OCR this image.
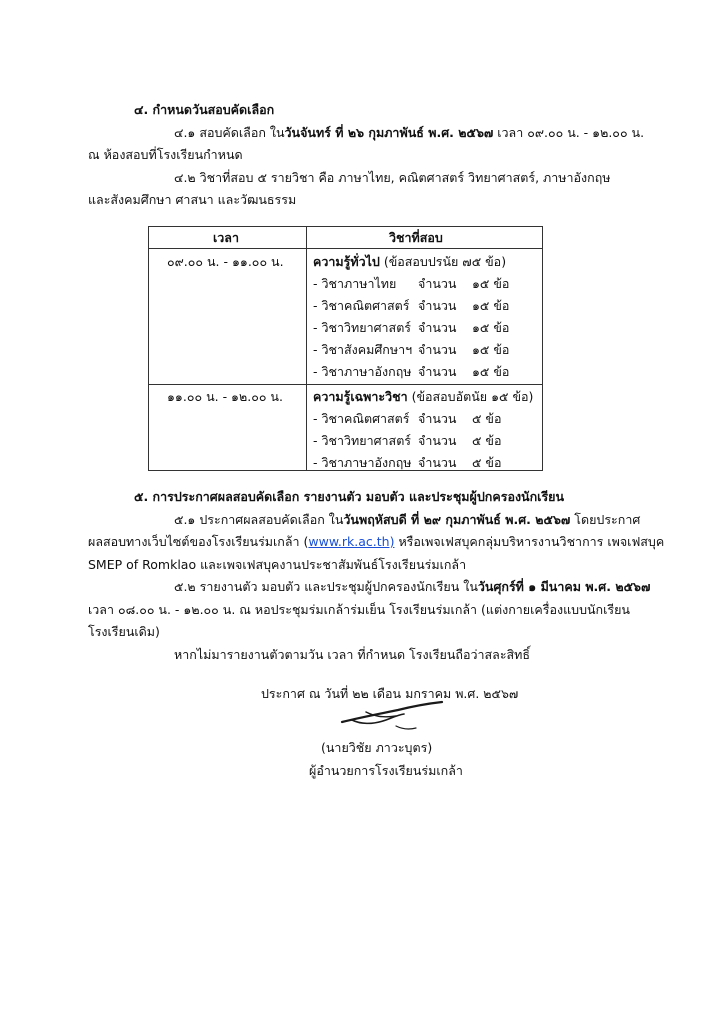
๔. กำหนดวันสอบคัดเลือก
๔.๑ สอบคัดเลือก ในวันจันทร์ ที่ ๒๖ กุมภาพันธ์ พ.ศ. ๒๕๖๗ เวลา ๐๙.๐๐ น. - ๑๒.๐๐ น.
ณ ห้องสอบที่โรงเรียนกำหนด
๔.๒ วิชาที่สอบ ๕ รายวิชา คือ ภาษาไทย, คณิตศาสตร์ วิทยาศาสตร์, ภาษาอังกฤษ
และสังคมศึกษา ศาสนา และวัฒนธรรม
เวลา	วิชาที่สอบ
๐๙.๐๐ น. - ๑๑.๐๐ น. ความรู้ทั่วไป (ข้อสอบปรนัย ๗๕ ข้อ)
- วิชาภาษาไทย จำนวน ๑๕ ข้อ
- วิชาคณิตศาสตร์ จำนวน ๑๕ ข้อ
- วิชาวิทยาศาสตร์ จำนวน ๑๕ ข้อ
- วิชาสังคมศึกษาฯ จำนวน ๑๕ ข้อ
- วิชาภาษาอังกฤษ จำนวน ๑๕ ข้อ
๑๑.๐๐ น. - ๑๒.๐๐ น. ความรู้เฉพาะวิชา (ข้อสอบอัตนัย ๑๕ ข้อ)
- วิชาคณิตศาสตร์ จำนวน ๕ ข้อ
- วิชาวิทยาศาสตร์ จำนวน ๕ ข้อ
- วิชาภาษาอังกฤษ จำนวน ๕ ข้อ
๕. การประกาศผลสอบคัดเลือก รายงานตัว มอบตัว และประชุมผู้ปกครองนักเรียน
๕.๑ ประกาศผลสอบคัดเลือก ในวันพฤหัสบดี ที่ ๒๙ กุมภาพันธ์ พ.ศ. ๒๕๖๗ โดยประกาศ
ผลสอบทางเว็บไซต์ของโรงเรียนร่มเกล้า (www.rk.ac.th) หรือเพจเฟสบุคกลุ่มบริหารงานวิชาการ เพจเฟสบุค
SMEP of Romklao และเพจเฟสบุคงานประชาสัมพันธ์โรงเรียนร่มเกล้า
๕.๒ รายงานตัว มอบตัว และประชุมผู้ปกครองนักเรียน ในวันศุกร์ที่ ๑ มีนาคม พ.ศ. ๒๕๖๗
เวลา ๐๘.๐๐ น. - ๑๒.๐๐ น. ณ หอประชุมร่มเกล้าร่มเย็น โรงเรียนร่มเกล้า (แต่งกายเครื่องแบบนักเรียน
โรงเรียนเดิม)
หากไม่มารายงานตัวตามวัน เวลา ที่กำหนด โรงเรียนถือว่าสละสิทธิ์
ประกาศ ณ วันที่ ๒๒ เดือน มกราคม พ.ศ. ๒๕๖๗
(นายวิชัย ภาวะบุตร)
ผู้อำนวยการโรงเรียนร่มเกล้า
